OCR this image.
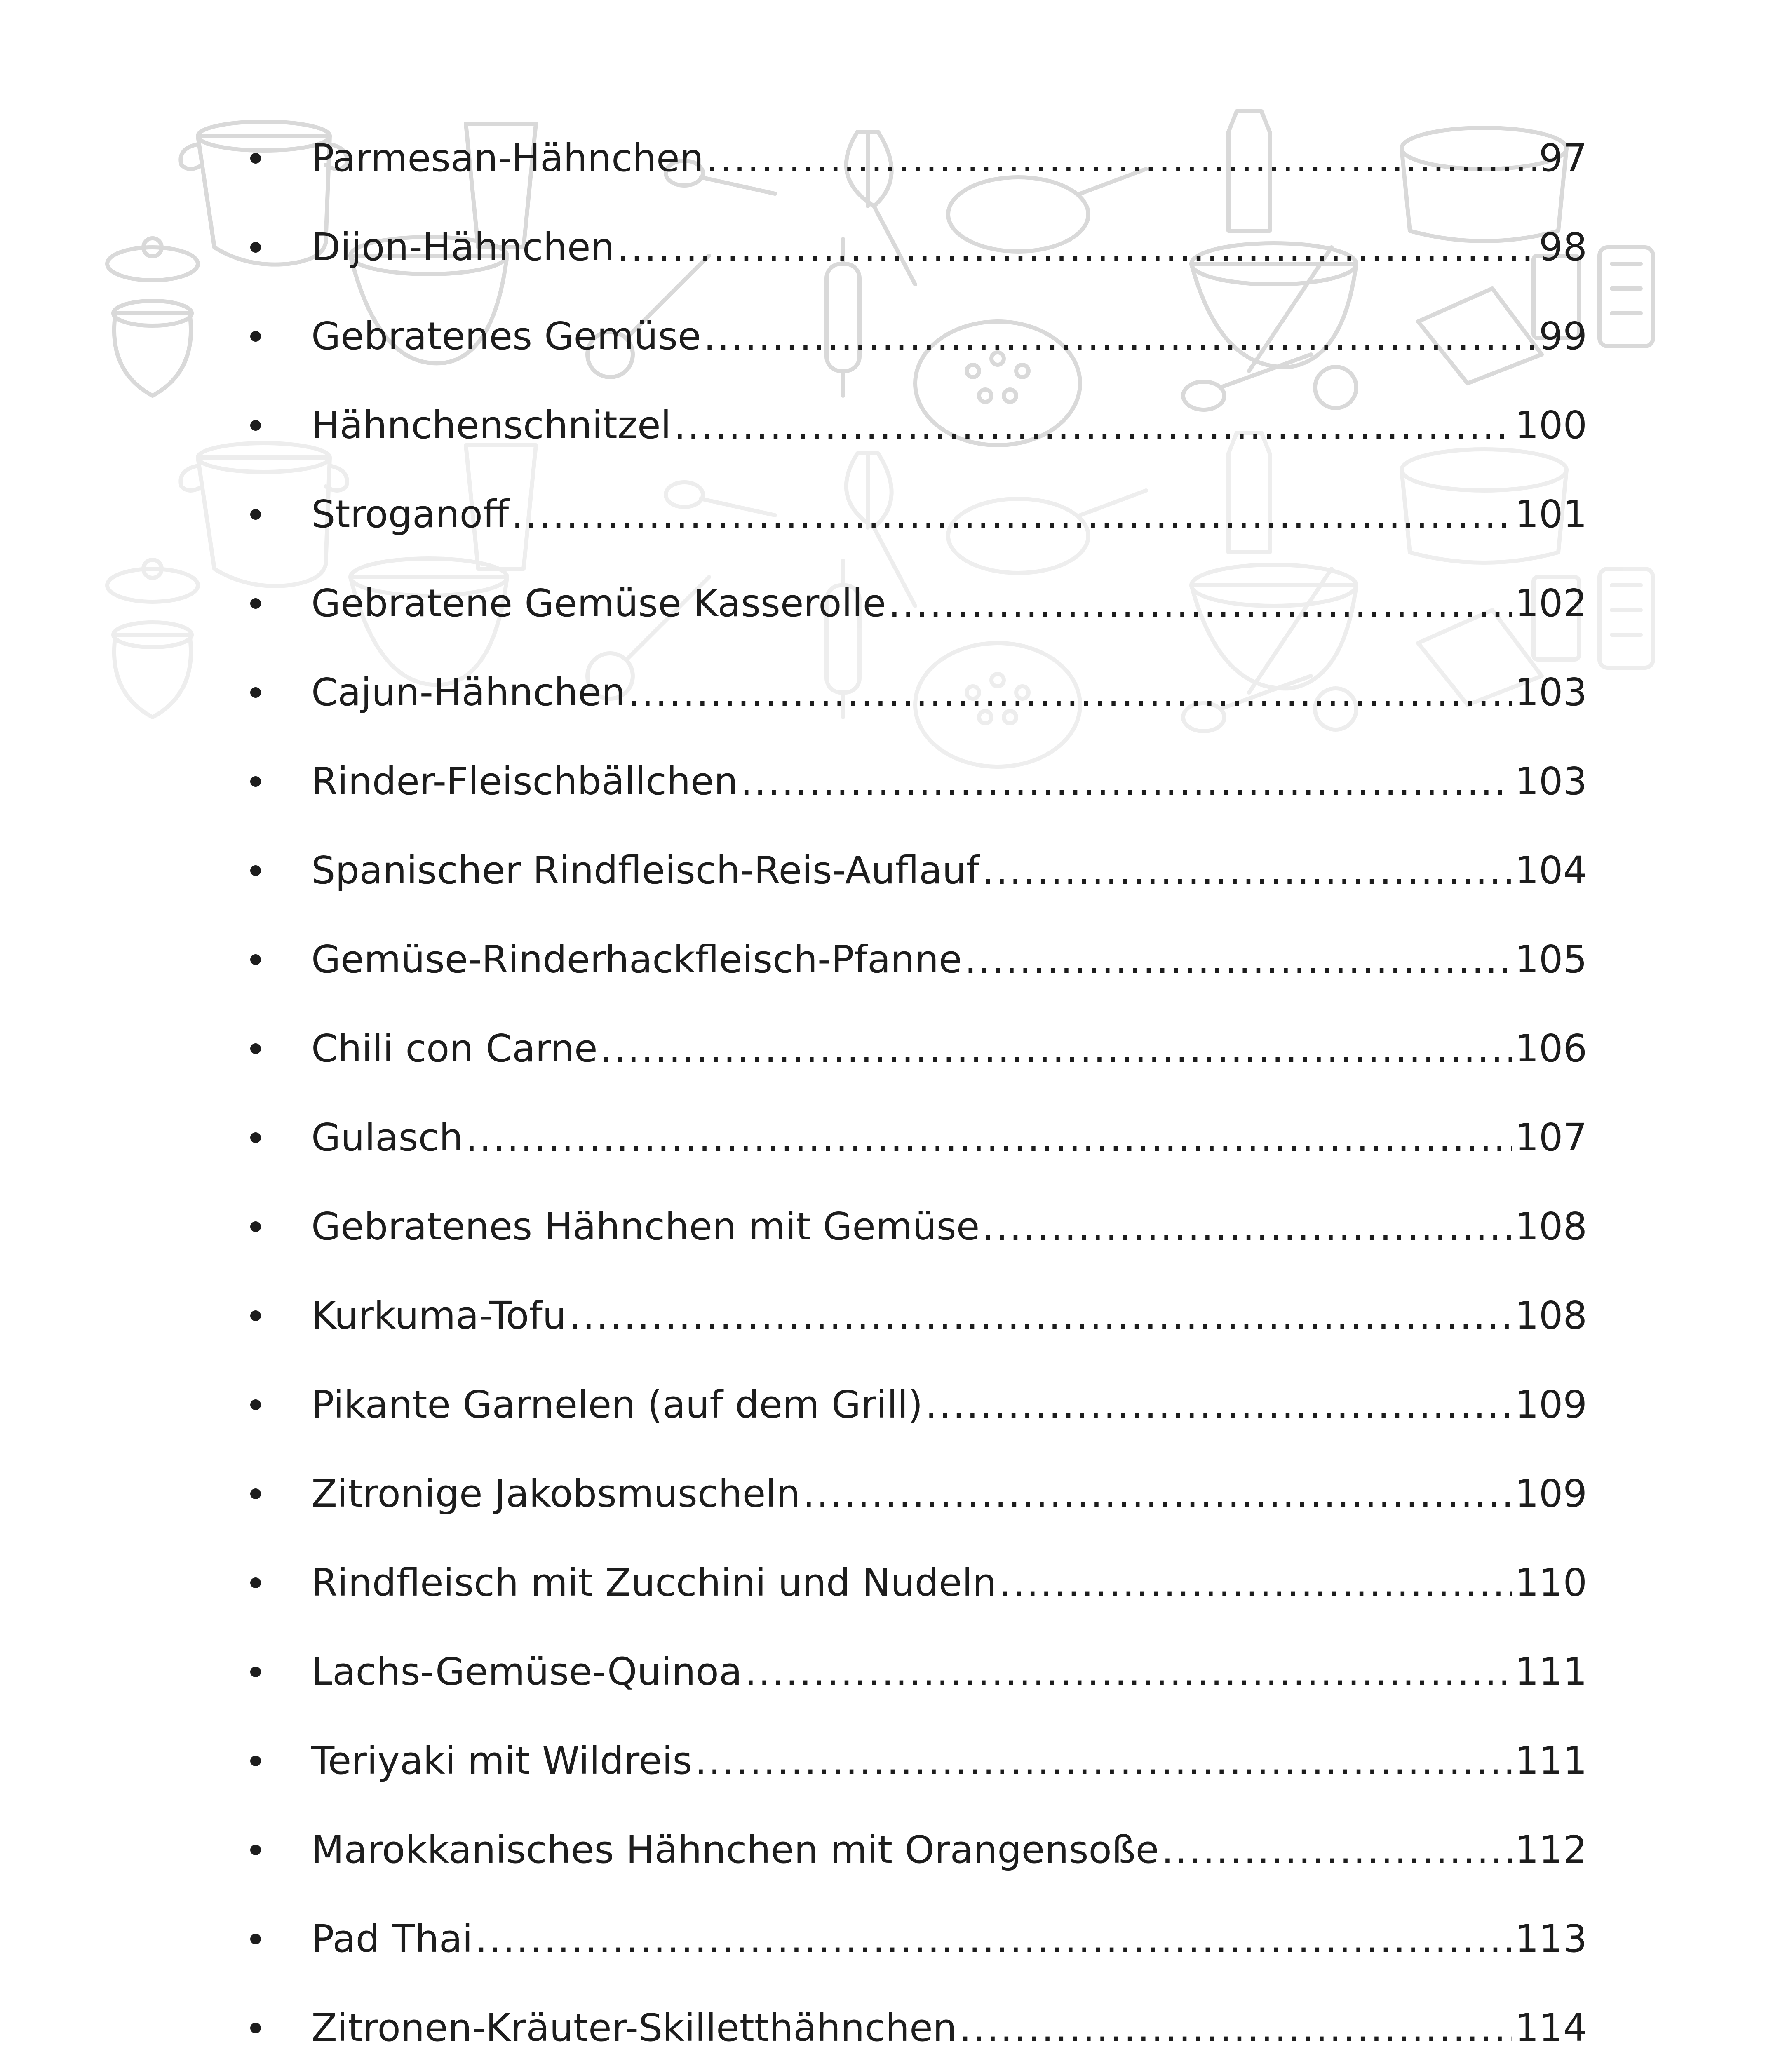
Parmesan-Hähnchen .....	97
Dijon-Hähnchen .....	98
Gebratenes Gemüse .....	99
Hähnchenschnitzel .....	100
Stroganoff .....	101
Gebratene Gemüse Kasserolle .....	102
Cajun-Hähnchen .....	103
Rinder-Fleischbällchen .....	103
Spanischer Rindfleisch-Reis-Auflauf .....	104
Gemüse-Rinderhackfleisch-Pfanne .....	105
Chili con Carne .....	106
Gulasch .....	107
Gebratenes Hähnchen mit Gemüse .....	108
Kurkuma-Tofu .....	108
Pikante Garnelen (auf dem Grill) .....	109
Zitronige Jakobsmuscheln .....	109
Rindfleisch mit Zucchini und Nudeln .....	110
Lachs-Gemüse-Quinoa .....	111
Teriyaki mit Wildreis .....	111
Marokkanisches Hähnchen mit Orangensoße .....	112
Pad Thai .....	113
Zitronen-Kräuter-Skilletthähnchen .....	114
